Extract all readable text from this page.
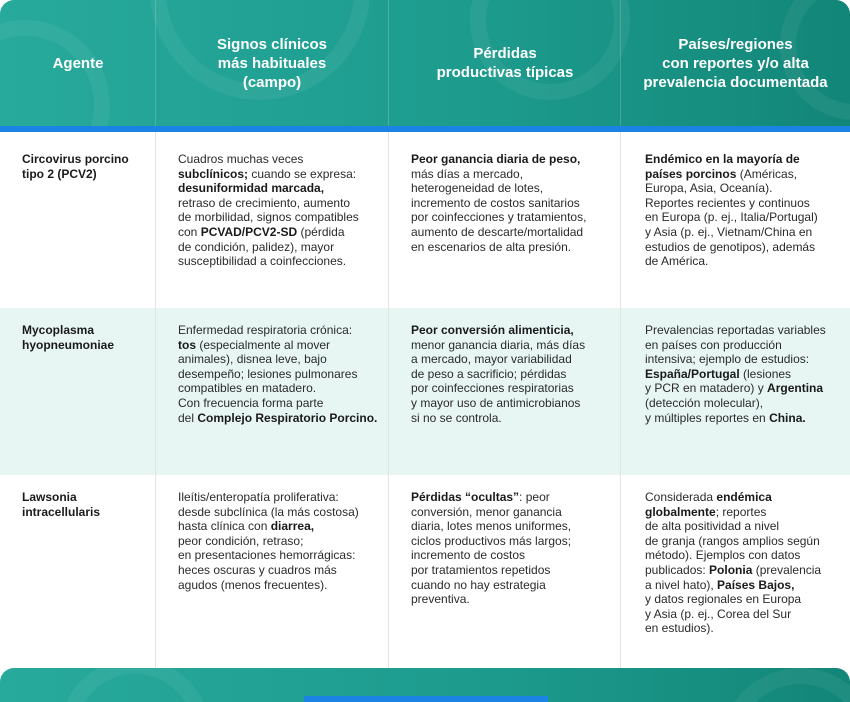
Agente
Signos clínicos
más habituales
(campo)
Pérdidas
productivas típicas
Países/regiones
con reportes y/o alta
prevalencia documentada
Circovirus porcino
tipo 2 (PCV2)
Cuadros muchas veces
subclínicos; cuando se expresa:
desuniformidad marcada,
retraso de crecimiento, aumento
de morbilidad, signos compatibles
con PCVAD/PCV2-SD (pérdida
de condición, palidez), mayor
susceptibilidad a coinfecciones.
Peor ganancia diaria de peso,
más días a mercado,
heterogeneidad de lotes,
incremento de costos sanitarios
por coinfecciones y tratamientos,
aumento de descarte/mortalidad
en escenarios de alta presión.
Endémico en la mayoría de
países porcinos (Américas,
Europa, Asia, Oceanía).
Reportes recientes y continuos
en Europa (p. ej., Italia/Portugal)
y Asia (p. ej., Vietnam/China en
estudios de genotipos), además
de América.
Mycoplasma
hyopneumoniae
Enfermedad respiratoria crónica:
tos (especialmente al mover
animales), disnea leve, bajo
desempeño; lesiones pulmonares
compatibles en matadero.
Con frecuencia forma parte
del Complejo Respiratorio Porcino.
Peor conversión alimenticia,
menor ganancia diaria, más días
a mercado, mayor variabilidad
de peso a sacrificio; pérdidas
por coinfecciones respiratorias
y mayor uso de antimicrobianos
si no se controla.
Prevalencias reportadas variables
en países con producción
intensiva; ejemplo de estudios:
España/Portugal (lesiones
y PCR en matadero) y Argentina
(detección molecular),
y múltiples reportes en China.
Lawsonia
intracellularis
Ileítis/enteropatía proliferativa:
desde subclínica (la más costosa)
hasta clínica con diarrea,
peor condición, retraso;
en presentaciones hemorrágicas:
heces oscuras y cuadros más
agudos (menos frecuentes).
Pérdidas “ocultas”: peor
conversión, menor ganancia
diaria, lotes menos uniformes,
ciclos productivos más largos;
incremento de costos
por tratamientos repetidos
cuando no hay estrategia
preventiva.
Considerada endémica
globalmente; reportes
de alta positividad a nivel
de granja (rangos amplios según
método). Ejemplos con datos
publicados: Polonia (prevalencia
a nivel hato), Países Bajos,
y datos regionales en Europa
y Asia (p. ej., Corea del Sur
en estudios).
